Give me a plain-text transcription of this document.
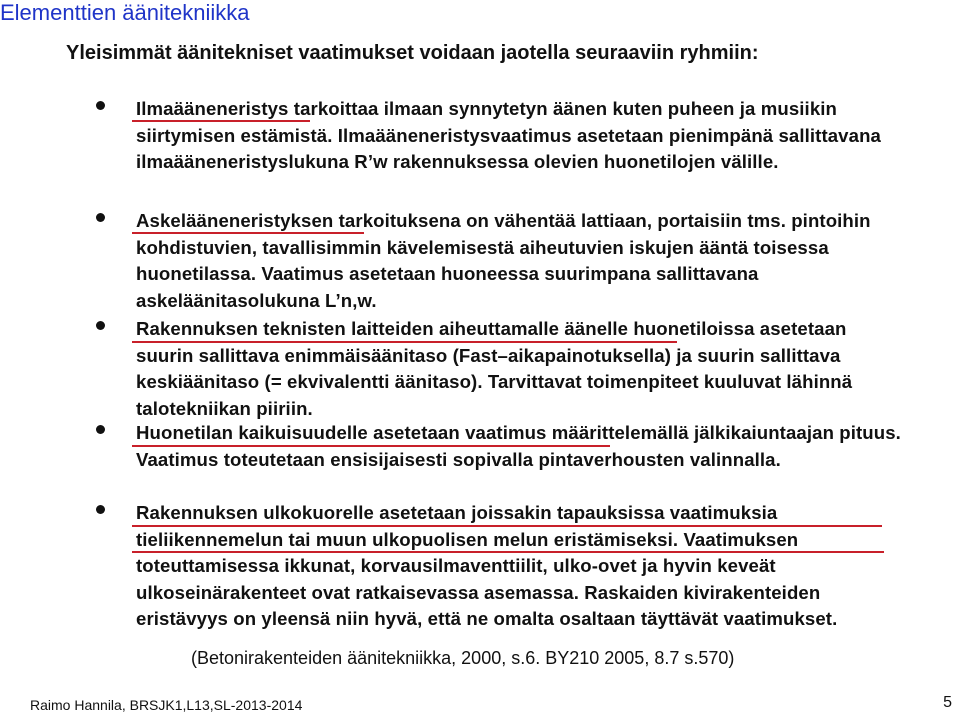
Elementtien äänitekniikka
Yleisimmät äänitekniset vaatimukset voidaan jaotella seuraaviin ryhmiin:
Ilmaääneneristys tarkoittaa ilmaan synnytetyn äänen kuten puheen ja musiikin siirtymisen estämistä. Ilmaääneneristysvaatimus asetetaan pienimpänä sallittavana ilmaääneneristyslukuna R’w rakennuksessa olevien huonetilojen välille.
Askelääneneristyksen tarkoituksena on vähentää lattiaan, portaisiin tms. pintoihin kohdistuvien, tavallisimmin kävelemisestä aiheutuvien iskujen ääntä toisessa huonetilassa. Vaatimus asetetaan huoneessa suurimpana sallittavana askeläänitasolukuna L’n,w.
Rakennuksen teknisten laitteiden aiheuttamalle äänelle huonetiloissa asetetaan suurin sallittava enimmäisäänitaso (Fast–aikapainotuksella) ja suurin sallittava keskiäänitaso (= ekvivalentti äänitaso). Tarvittavat toimenpiteet kuuluvat lähinnä talotekniikan piiriin.
Huonetilan kaikuisuudelle asetetaan vaatimus määrittelemällä jälkikaiuntaajan pituus. Vaatimus toteutetaan ensisijaisesti sopivalla pintaverhousten valinnalla.
Rakennuksen ulkokuorelle asetetaan joissakin tapauksissa vaatimuksia tieliikennemelun tai muun ulkopuolisen melun eristämiseksi. Vaatimuksen toteuttamisessa ikkunat, korvausilmaventtiilit, ulko-ovet ja hyvin keveät ulkoseinärakenteet ovat ratkaisevassa asemassa. Raskaiden kivirakenteiden eristävyys on yleensä niin hyvä, että ne omalta osaltaan täyttävät vaatimukset.
(Betonirakenteiden äänitekniikka, 2000, s.6. BY210 2005, 8.7 s.570)
Raimo Hannila, BRSJK1,L13,SL-2013-2014	5
